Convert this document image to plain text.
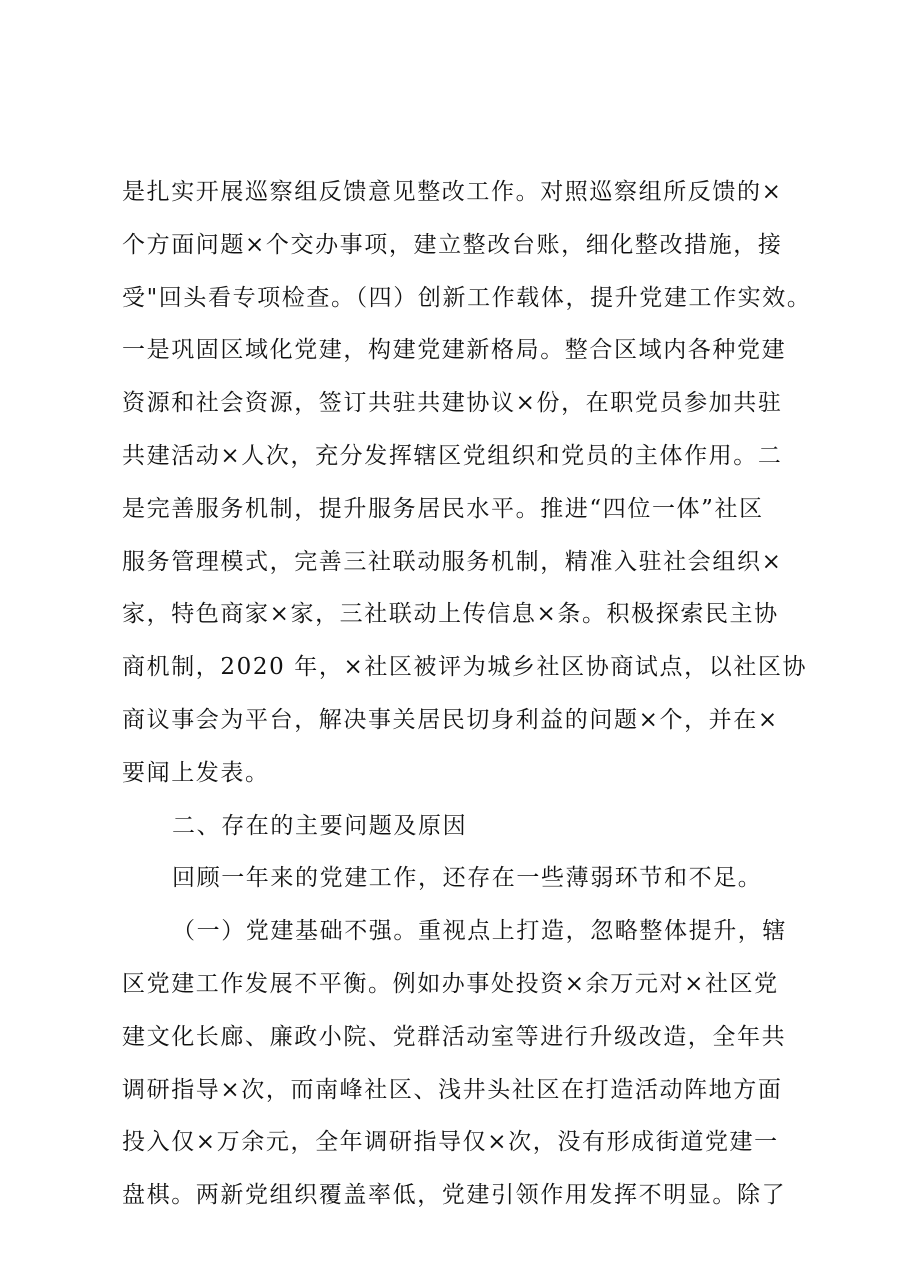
是扎实开展巡察组反馈意见整改工作。对照巡察组所反馈的×
个方面问题×个交办事项，建立整改台账，细化整改措施，接
受"回头看专项检查。（四）创新工作载体，提升党建工作实效。
一是巩固区域化党建，构建党建新格局。整合区域内各种党建
资源和社会资源，签订共驻共建协议×份，在职党员参加共驻
共建活动×人次，充分发挥辖区党组织和党员的主体作用。二
是完善服务机制，提升服务居民水平。推进“四位一体”社区
服务管理模式，完善三社联动服务机制，精准入驻社会组织×
家，特色商家×家，三社联动上传信息×条。积极探索民主协
商机制，2020 年，×社区被评为城乡社区协商试点，以社区协
商议事会为平台，解决事关居民切身利益的问题×个，并在×
要闻上发表。
二、存在的主要问题及原因
回顾一年来的党建工作，还存在一些薄弱环节和不足。
（一）党建基础不强。重视点上打造，忽略整体提升，辖
区党建工作发展不平衡。例如办事处投资×余万元对×社区党
建文化长廊、廉政小院、党群活动室等进行升级改造，全年共
调研指导×次，而南峰社区、浅井头社区在打造活动阵地方面
投入仅×万余元，全年调研指导仅×次，没有形成街道党建一
盘棋。两新党组织覆盖率低，党建引领作用发挥不明显。除了
